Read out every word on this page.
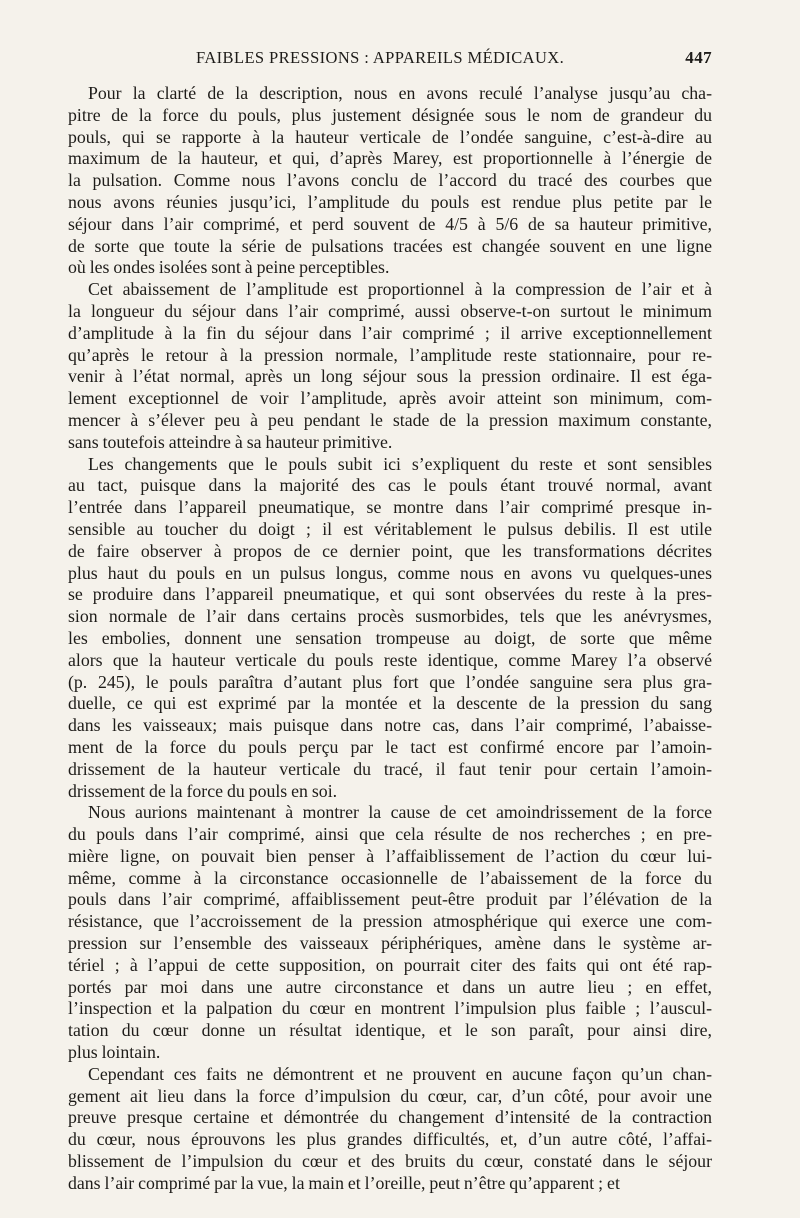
FAIBLES PRESSIONS : APPAREILS MÉDICAUX.	447
Pour la clarté de la description, nous en avons reculé l’analyse jusqu’au cha-
pitre de la force du pouls, plus justement désignée sous le nom de grandeur du
pouls, qui se rapporte à la hauteur verticale de l’ondée sanguine, c’est-à-dire au
maximum de la hauteur, et qui, d’après Marey, est proportionnelle à l’énergie de
la pulsation. Comme nous l’avons conclu de l’accord du tracé des courbes que
nous avons réunies jusqu’ici, l’amplitude du pouls est rendue plus petite par le
séjour dans l’air comprimé, et perd souvent de 4/5 à 5/6 de sa hauteur primitive,
de sorte que toute la série de pulsations tracées est changée souvent en une ligne
où les ondes isolées sont à peine perceptibles.
Cet abaissement de l’amplitude est proportionnel à la compression de l’air et à
la longueur du séjour dans l’air comprimé, aussi observe-t-on surtout le minimum
d’amplitude à la fin du séjour dans l’air comprimé ; il arrive exceptionnellement
qu’après le retour à la pression normale, l’amplitude reste stationnaire, pour re-
venir à l’état normal, après un long séjour sous la pression ordinaire. Il est éga-
lement exceptionnel de voir l’amplitude, après avoir atteint son minimum, com-
mencer à s’élever peu à peu pendant le stade de la pression maximum constante,
sans toutefois atteindre à sa hauteur primitive.
Les changements que le pouls subit ici s’expliquent du reste et sont sensibles
au tact, puisque dans la majorité des cas le pouls étant trouvé normal, avant
l’entrée dans l’appareil pneumatique, se montre dans l’air comprimé presque in-
sensible au toucher du doigt ; il est véritablement le pulsus debilis. Il est utile
de faire observer à propos de ce dernier point, que les transformations décrites
plus haut du pouls en un pulsus longus, comme nous en avons vu quelques-unes
se produire dans l’appareil pneumatique, et qui sont observées du reste à la pres-
sion normale de l’air dans certains procès susmorbides, tels que les anévrysmes,
les embolies, donnent une sensation trompeuse au doigt, de sorte que même
alors que la hauteur verticale du pouls reste identique, comme Marey l’a observé
(p. 245), le pouls paraîtra d’autant plus fort que l’ondée sanguine sera plus gra-
duelle, ce qui est exprimé par la montée et la descente de la pression du sang
dans les vaisseaux; mais puisque dans notre cas, dans l’air comprimé, l’abaisse-
ment de la force du pouls perçu par le tact est confirmé encore par l’amoin-
drissement de la hauteur verticale du tracé, il faut tenir pour certain l’amoin-
drissement de la force du pouls en soi.
Nous aurions maintenant à montrer la cause de cet amoindrissement de la force
du pouls dans l’air comprimé, ainsi que cela résulte de nos recherches ; en pre-
mière ligne, on pouvait bien penser à l’affaiblissement de l’action du cœur lui-
même, comme à la circonstance occasionnelle de l’abaissement de la force du
pouls dans l’air comprimé, affaiblissement peut-être produit par l’élévation de la
résistance, que l’accroissement de la pression atmosphérique qui exerce une com-
pression sur l’ensemble des vaisseaux périphériques, amène dans le système ar-
tériel ; à l’appui de cette supposition, on pourrait citer des faits qui ont été rap-
portés par moi dans une autre circonstance et dans un autre lieu ; en effet,
l’inspection et la palpation du cœur en montrent l’impulsion plus faible ; l’auscul-
tation du cœur donne un résultat identique, et le son paraît, pour ainsi dire,
plus lointain.
Cependant ces faits ne démontrent et ne prouvent en aucune façon qu’un chan-
gement ait lieu dans la force d’impulsion du cœur, car, d’un côté, pour avoir une
preuve presque certaine et démontrée du changement d’intensité de la contraction
du cœur, nous éprouvons les plus grandes difficultés, et, d’un autre côté, l’affai-
blissement de l’impulsion du cœur et des bruits du cœur, constaté dans le séjour
dans l’air comprimé par la vue, la main et l’oreille, peut n’être qu’apparent ; et
